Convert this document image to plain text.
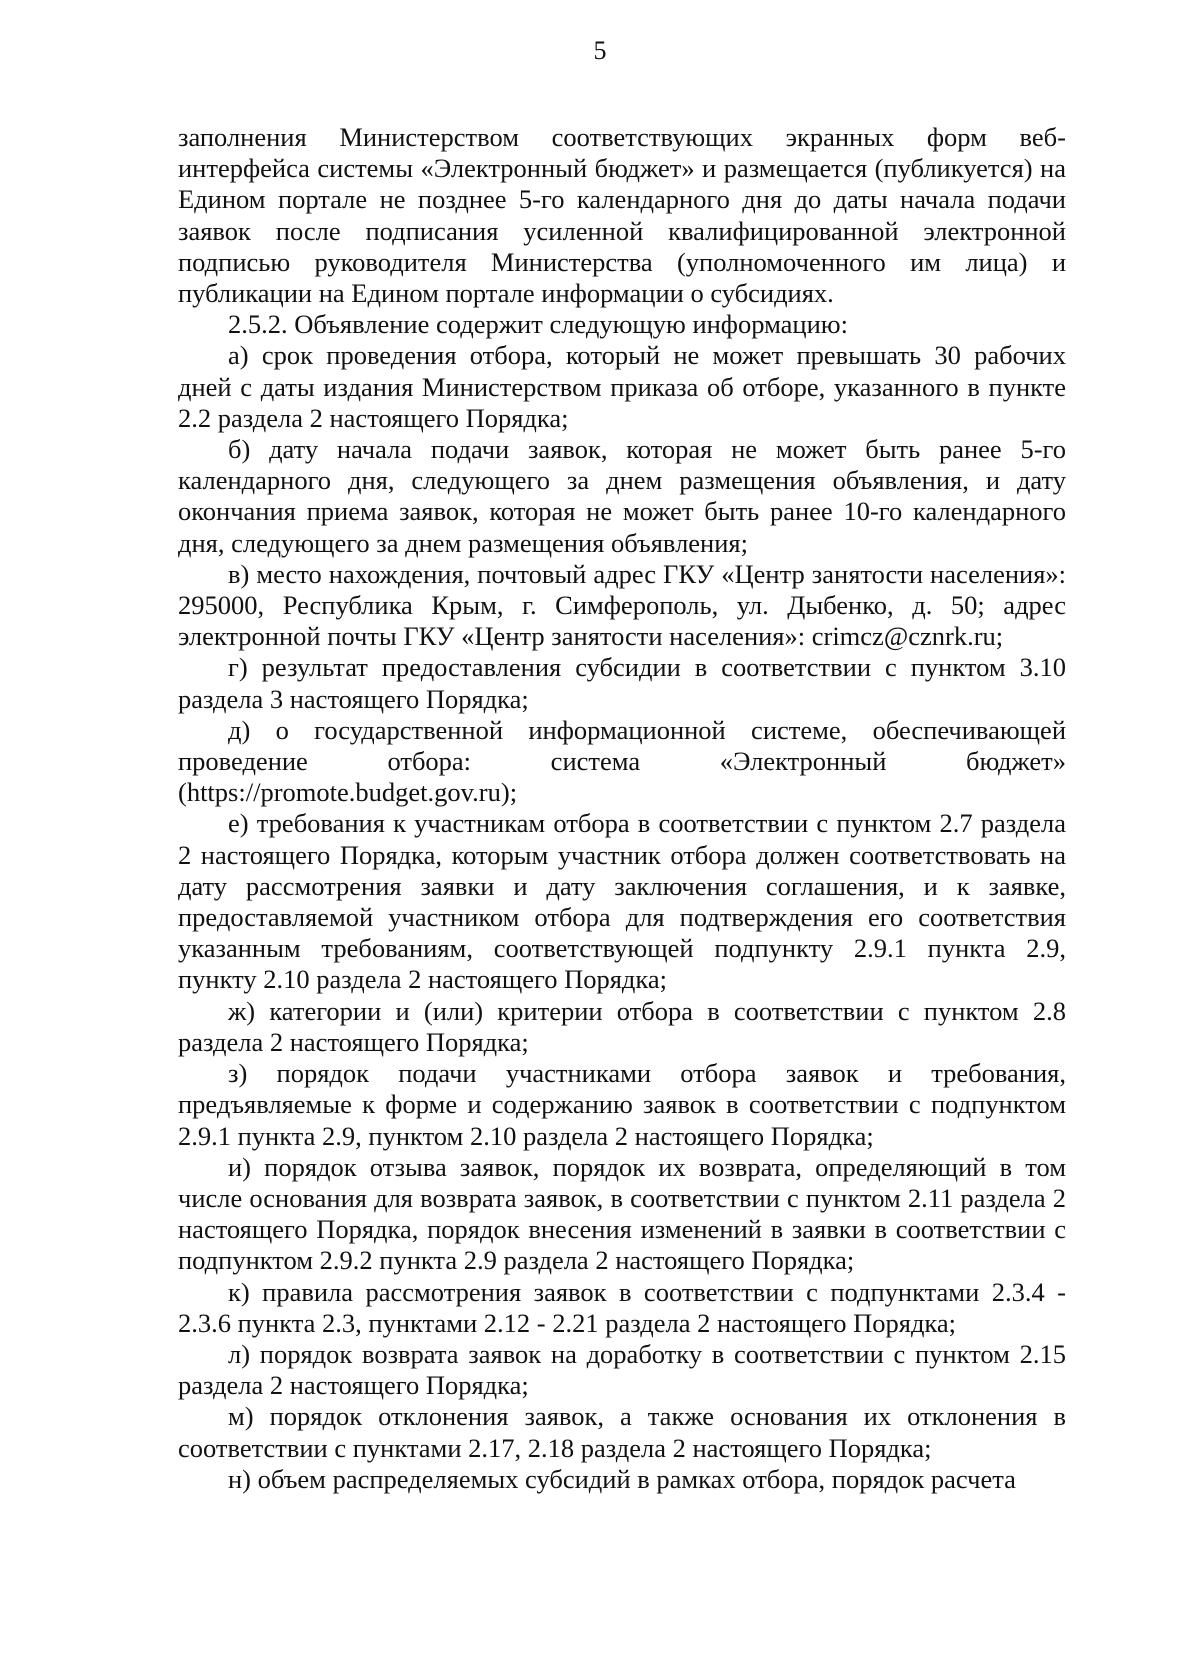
5

заполнения Министерством соответствующих экранных форм веб-интерфейса системы «Электронный бюджет» и размещается (публикуется) на Едином портале не позднее 5-го календарного дня до даты начала подачи заявок после подписания усиленной квалифицированной электронной подписью руководителя Министерства (уполномоченного им лица) и публикации на Едином портале информации о субсидиях.

2.5.2. Объявление содержит следующую информацию:

а) срок проведения отбора, который не может превышать 30 рабочих дней с даты издания Министерством приказа об отборе, указанного в пункте 2.2 раздела 2 настоящего Порядка;

б) дату начала подачи заявок, которая не может быть ранее 5-го календарного дня, следующего за днем размещения объявления, и дату окончания приема заявок, которая не может быть ранее 10-го календарного дня, следующего за днем размещения объявления;

в) место нахождения, почтовый адрес ГКУ «Центр занятости населения»: 295000, Республика Крым, г. Симферополь, ул. Дыбенко, д. 50; адрес электронной почты ГКУ «Центр занятости населения»: crimcz@cznrk.ru;

г) результат предоставления субсидии в соответствии с пунктом 3.10 раздела 3 настоящего Порядка;

д) о государственной информационной системе, обеспечивающей проведение отбора: система «Электронный бюджет» (https://promote.budget.gov.ru);

е) требования к участникам отбора в соответствии с пунктом 2.7 раздела 2 настоящего Порядка, которым участник отбора должен соответствовать на дату рассмотрения заявки и дату заключения соглашения, и к заявке, предоставляемой участником отбора для подтверждения его соответствия указанным требованиям, соответствующей подпункту 2.9.1 пункта 2.9, пункту 2.10 раздела 2 настоящего Порядка;

ж) категории и (или) критерии отбора в соответствии с пунктом 2.8 раздела 2 настоящего Порядка;

з) порядок подачи участниками отбора заявок и требования, предъявляемые к форме и содержанию заявок в соответствии с подпунктом 2.9.1 пункта 2.9, пунктом 2.10 раздела 2 настоящего Порядка;

и) порядок отзыва заявок, порядок их возврата, определяющий в том числе основания для возврата заявок, в соответствии с пунктом 2.11 раздела 2 настоящего Порядка, порядок внесения изменений в заявки в соответствии с подпунктом 2.9.2 пункта 2.9 раздела 2 настоящего Порядка;

к) правила рассмотрения заявок в соответствии с подпунктами 2.3.4 - 2.3.6 пункта 2.3, пунктами 2.12 - 2.21 раздела 2 настоящего Порядка;

л) порядок возврата заявок на доработку в соответствии с пунктом 2.15 раздела 2 настоящего Порядка;

м) порядок отклонения заявок, а также основания их отклонения в соответствии с пунктами 2.17, 2.18 раздела 2 настоящего Порядка;

н) объем распределяемых субсидий в рамках отбора, порядок расчета
